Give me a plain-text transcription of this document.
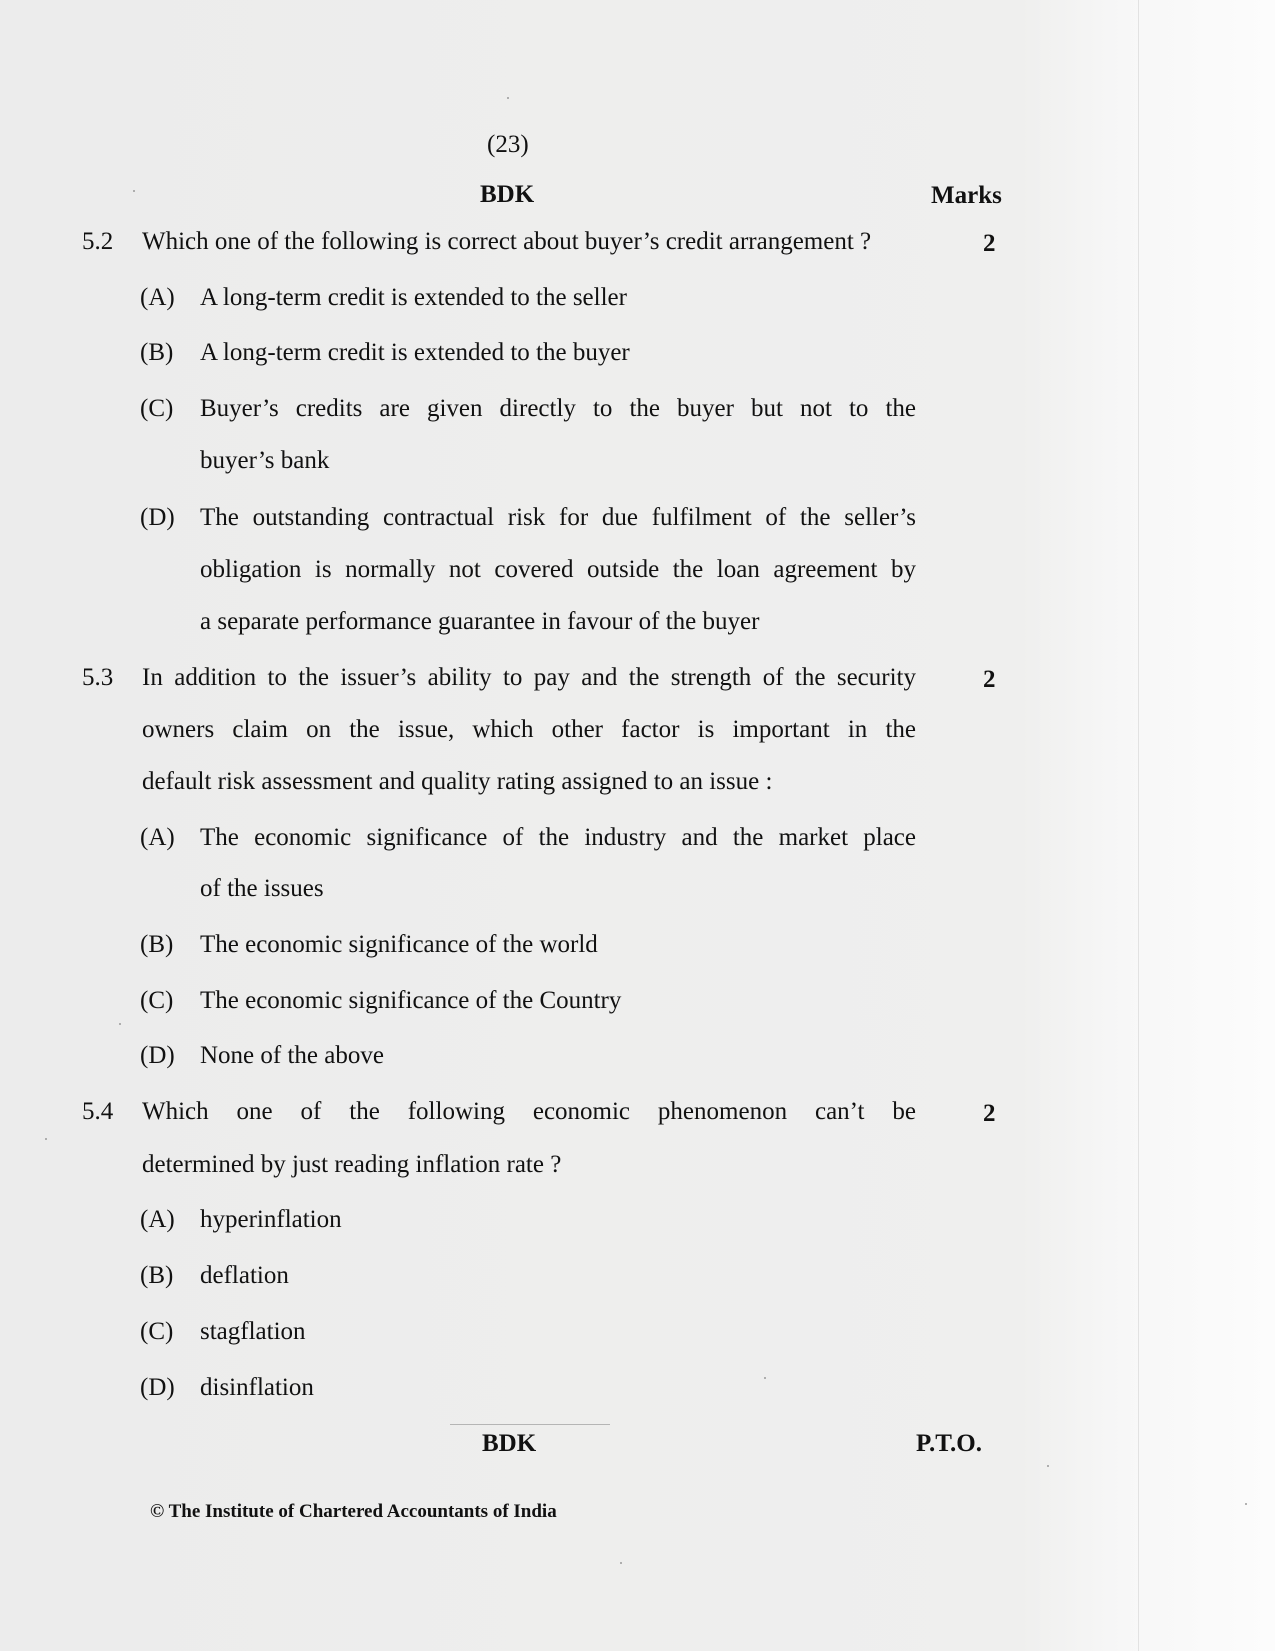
(23)
BDK	Marks
5.2 Which one of the following is correct about buyer’s credit arrangement ?	2
(A) A long-term credit is extended to the seller
(B) A long-term credit is extended to the buyer
(C) Buyer’s credits are given directly to the buyer but not to the
buyer’s bank
(D) The outstanding contractual risk for due fulfilment of the seller’s
obligation is normally not covered outside the loan agreement by
a separate performance guarantee in favour of the buyer
5.3 In addition to the issuer’s ability to pay and the strength of the security	2
owners claim on the issue, which other factor is important in the
default risk assessment and quality rating assigned to an issue :
(A) The economic significance of the industry and the market place
of the issues
(B) The economic significance of the world
(C) The economic significance of the Country
(D) None of the above
5.4 Which one of the following economic phenomenon can’t be	2
determined by just reading inflation rate ?
(A) hyperinflation
(B) deflation
(C) stagflation
(D) disinflation
BDK	P.T.O.
© The Institute of Chartered Accountants of India
